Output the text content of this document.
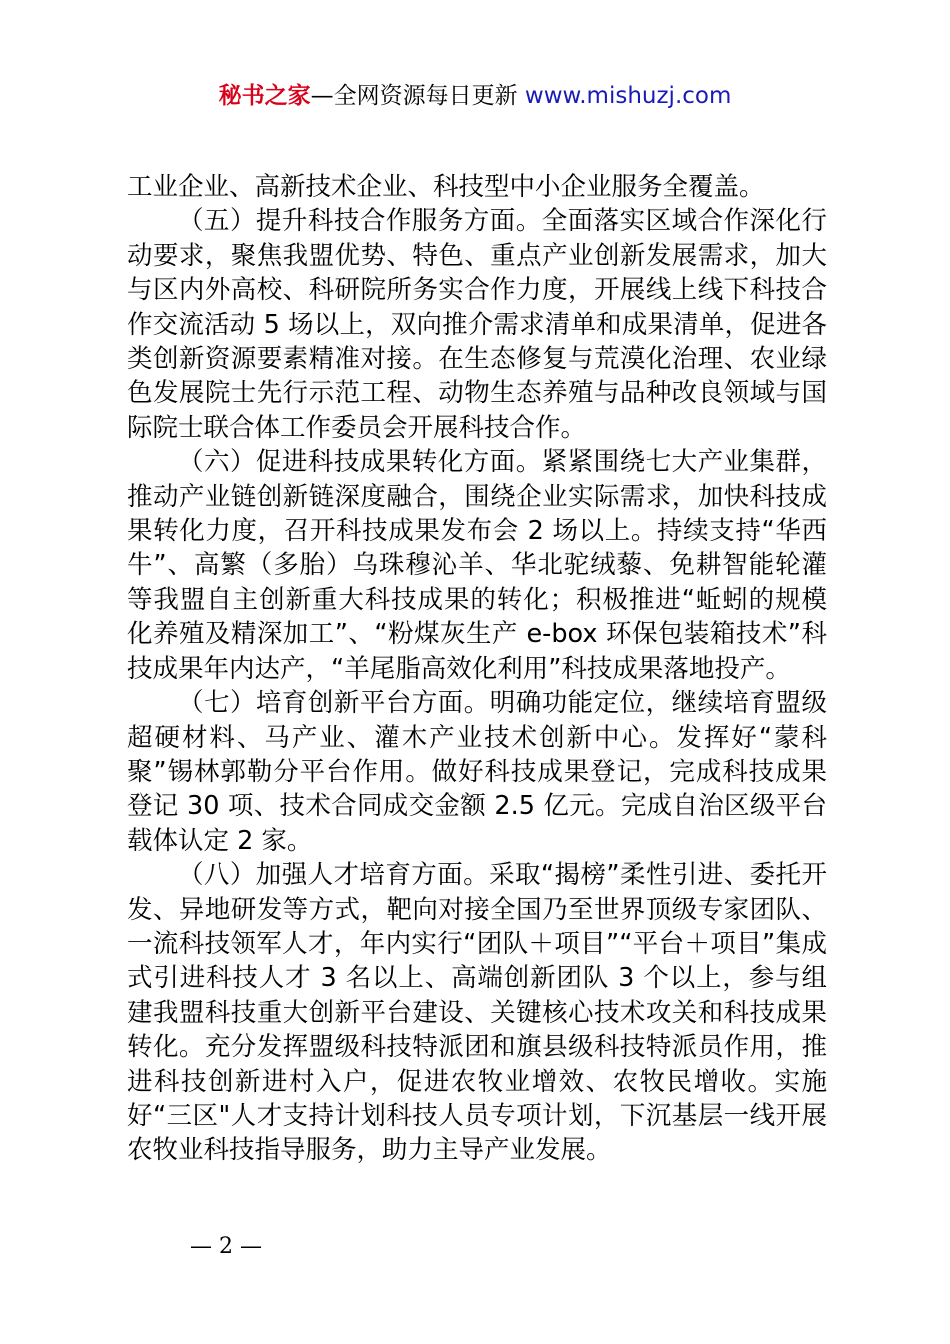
秘书之家—全网资源每日更新 www.mishuzj.com

工业企业、高新技术企业、科技型中小企业服务全覆盖。

（五）提升科技合作服务方面。全面落实区域合作深化行动要求，聚焦我盟优势、特色、重点产业创新发展需求，加大与区内外高校、科研院所务实合作力度，开展线上线下科技合作交流活动 5 场以上，双向推介需求清单和成果清单，促进各类创新资源要素精准对接。在生态修复与荒漠化治理、农业绿色发展院士先行示范工程、动物生态养殖与品种改良领域与国际院士联合体工作委员会开展科技合作。

（六）促进科技成果转化方面。紧紧围绕七大产业集群，推动产业链创新链深度融合，围绕企业实际需求，加快科技成果转化力度，召开科技成果发布会 2 场以上。持续支持“华西牛”、高繁（多胎）乌珠穆沁羊、华北驼绒藜、免耕智能轮灌等我盟自主创新重大科技成果的转化；积极推进“蚯蚓的规模化养殖及精深加工”、“粉煤灰生产 e-box 环保包装箱技术”科技成果年内达产，“羊尾脂高效化利用”科技成果落地投产。

（七）培育创新平台方面。明确功能定位，继续培育盟级超硬材料、马产业、灌木产业技术创新中心。发挥好“蒙科聚”锡林郭勒分平台作用。做好科技成果登记，完成科技成果登记 30 项、技术合同成交金额 2.5 亿元。完成自治区级平台载体认定 2 家。

（八）加强人才培育方面。采取“揭榜”柔性引进、委托开发、异地研发等方式，靶向对接全国乃至世界顶级专家团队、一流科技领军人才，年内实行“团队＋项目”“平台＋项目”集成式引进科技人才 3 名以上、高端创新团队 3 个以上，参与组建我盟科技重大创新平台建设、关键核心技术攻关和科技成果转化。充分发挥盟级科技特派团和旗县级科技特派员作用，推进科技创新进村入户，促进农牧业增效、农牧民增收。实施好“三区"人才支持计划科技人员专项计划，下沉基层一线开展农牧业科技指导服务，助力主导产业发展。

— 2 —
